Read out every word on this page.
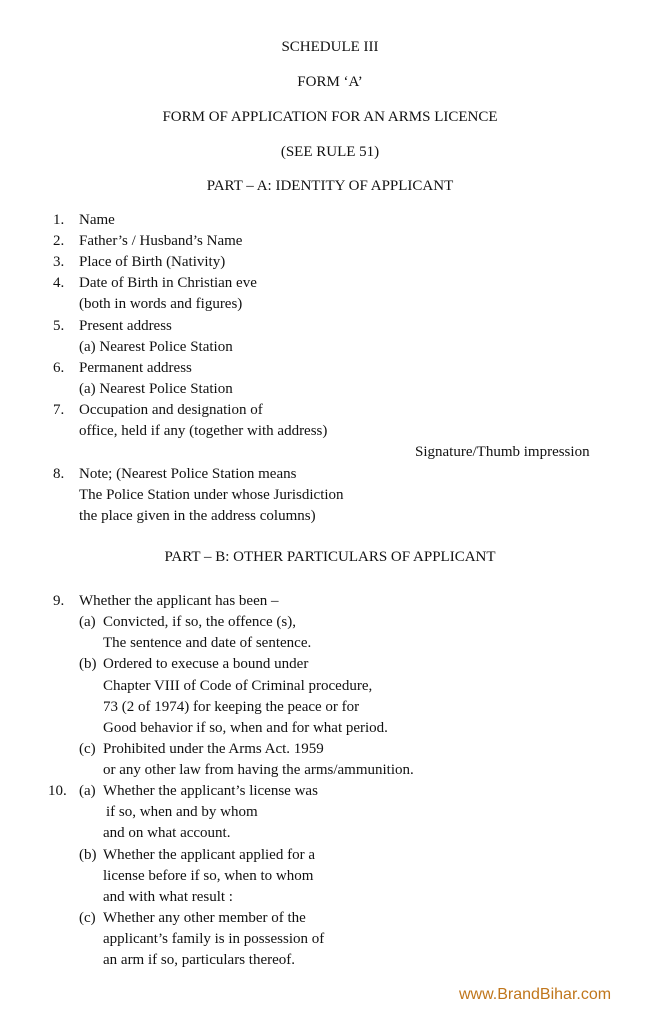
SCHEDULE III
FORM ‘A’
FORM OF APPLICATION FOR AN ARMS LICENCE
(SEE RULE 51)
PART – A: IDENTITY OF APPLICANT
1. Name
2. Father’s / Husband’s Name
3. Place of Birth (Nativity)
4. Date of Birth in Christian eve
(both in words and figures)
5. Present address
(a) Nearest Police Station
6. Permanent address
(a) Nearest Police Station
7. Occupation and designation of
office, held if any (together with address)
Signature/Thumb impression
8. Note; (Nearest Police Station means
The Police Station under whose Jurisdiction
the place given in the address columns)
PART – B: OTHER PARTICULARS OF APPLICANT
9. Whether the applicant has been –
(a) Convicted, if so, the offence (s),
The sentence and date of sentence.
(b) Ordered to execuse a bound under
Chapter VIII of Code of Criminal procedure,
73 (2 of 1974) for keeping the peace or for
Good behavior if so, when and for what period.
(c) Prohibited under the Arms Act. 1959
or any other law from having the arms/ammunition.
10. (a) Whether the applicant’s license was
if so, when and by whom
and on what account.
(b) Whether the applicant applied for a
license before if so, when to whom
and with what result :
(c) Whether any other member of the
applicant’s family is in possession of
an arm if so, particulars thereof.
www.BrandBihar.com
